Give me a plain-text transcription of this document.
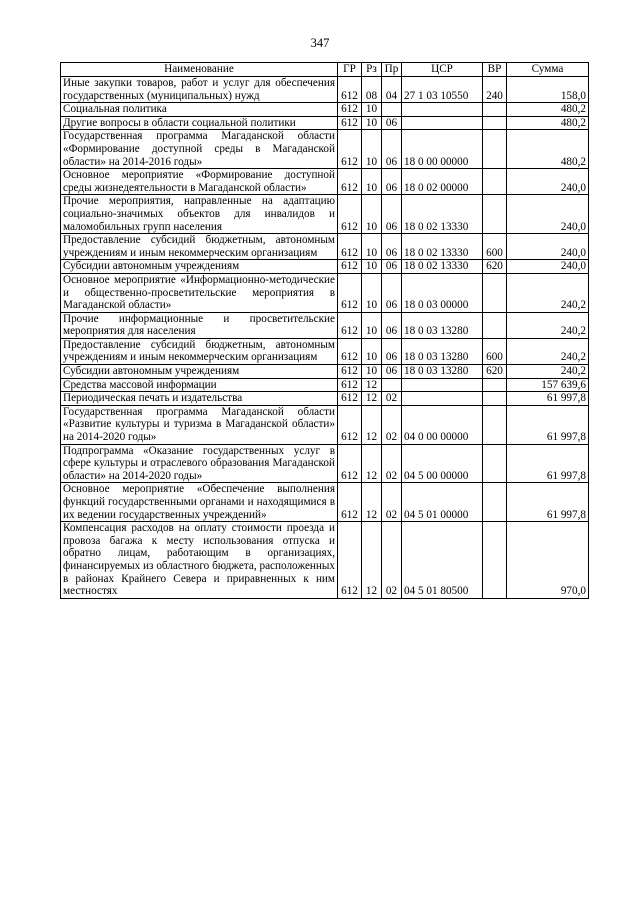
347
Наименование	ГР	Рз	Пр	ЦСР	ВР	Сумма
Иные закупки товаров, работ и услуг для обеспечения государственных (муниципальных) нужд	612	08	04	27 1 03 10550	240	158,0
Социальная политика	612	10				480,2
Другие вопросы в области социальной политики	612	10	06			480,2
Государственная программа Магаданской области «Формирование доступной среды в Магаданской области» на 2014-2016 годы»	612	10	06	18 0 00 00000		480,2
Основное мероприятие «Формирование доступной среды жизнедеятельности в Магаданской области»	612	10	06	18 0 02 00000		240,0
Прочие мероприятия, направленные на адаптацию социально-значимых объектов для инвалидов и маломобильных групп населения	612	10	06	18 0 02 13330		240,0
Предоставление субсидий бюджетным, автономным учреждениям и иным некоммерческим организациям	612	10	06	18 0 02 13330	600	240,0
Субсидии автономным учреждениям	612	10	06	18 0 02 13330	620	240,0
Основное мероприятие «Информационно-методические и общественно-просветительские мероприятия в Магаданской области»	612	10	06	18 0 03 00000		240,2
Прочие информационные и просветительские мероприятия для населения	612	10	06	18 0 03 13280		240,2
Предоставление субсидий бюджетным, автономным учреждениям и иным некоммерческим организациям	612	10	06	18 0 03 13280	600	240,2
Субсидии автономным учреждениям	612	10	06	18 0 03 13280	620	240,2
Средства массовой информации	612	12				157 639,6
Периодическая печать и издательства	612	12	02			61 997,8
Государственная программа Магаданской области «Развитие культуры и туризма в Магаданской области» на 2014-2020 годы»	612	12	02	04 0 00 00000		61 997,8
Подпрограмма «Оказание государственных услуг в сфере культуры и отраслевого образования Магаданской области» на 2014-2020 годы»	612	12	02	04 5 00 00000		61 997,8
Основное мероприятие «Обеспечение выполнения функций государственными органами и находящимися в их ведении государственных учреждений»	612	12	02	04 5 01 00000		61 997,8
Компенсация расходов на оплату стоимости проезда и провоза багажа к месту использования отпуска и обратно лицам, работающим в организациях, финансируемых из областного бюджета, расположенных в районах Крайнего Севера и приравненных к ним местностях	612	12	02	04 5 01 80500		970,0
